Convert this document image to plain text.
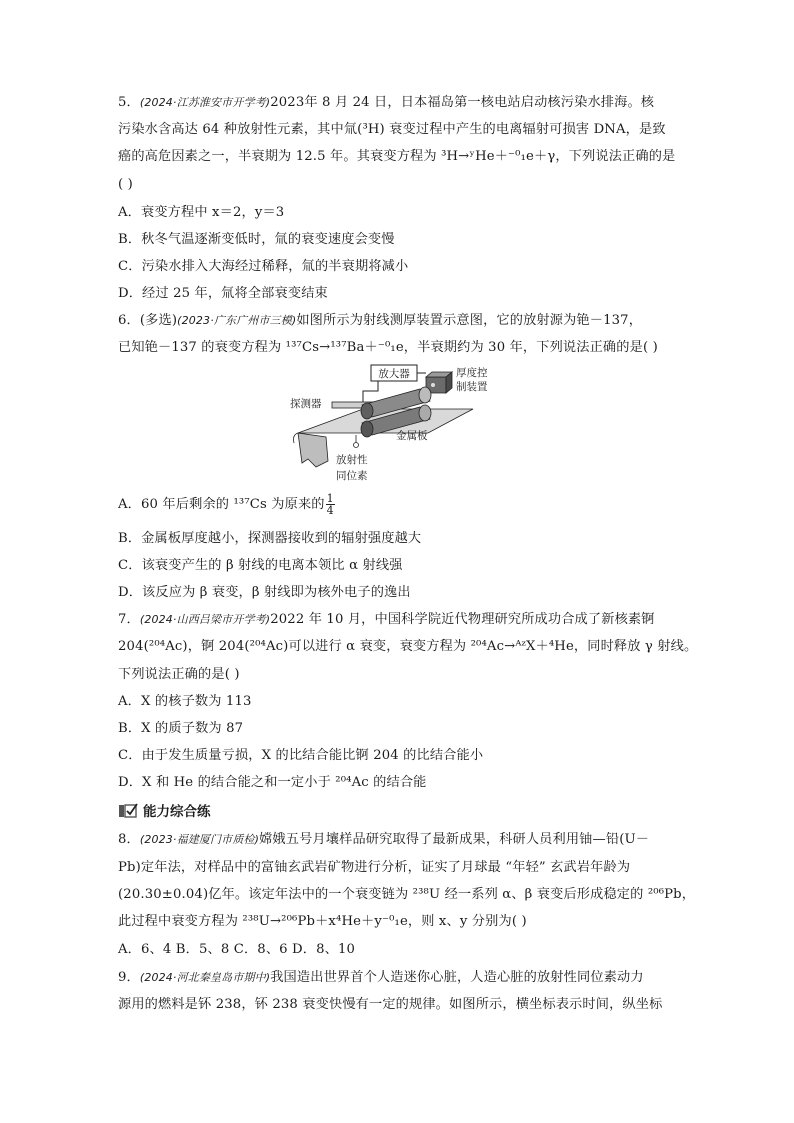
5．(2024·江苏淮安市开学考)2023年 8 月 24 日，日本福岛第一核电站启动核污染水排海。核
污染水含高达 64 种放射性元素，其中氚(³H) 衰变过程中产生的电离辐射可损害 DNA，是致
癌的高危因素之一，半衰期为 12.5 年。其衰变方程为 ³H→ʸHe＋⁻⁰₁e＋γ，下列说法正确的是
( )
A．衰变方程中 x＝2，y＝3
B．秋冬气温逐渐变低时，氚的衰变速度会变慢
C．污染水排入大海经过稀释，氚的半衰期将减小
D．经过 25 年，氚将全部衰变结束
6．(多选)(2023·广东广州市三模)如图所示为射线测厚装置示意图，它的放射源为铯－137，
已知铯－137 的衰变方程为 ¹³⁷Cs→¹³⁷Ba＋⁻⁰₁e，半衰期约为 30 年，下列说法正确的是( )
放大器	厚度控
制装置
探测器
金属板
放射性
同位素
A．60 年后剩余的 ¹³⁷Cs 为原来的 $\frac{1}{4}$
B．金属板厚度越小，探测器接收到的辐射强度越大
C．该衰变产生的 β 射线的电离本领比 α 射线强
D．该反应为 β 衰变，β 射线即为核外电子的逸出
7．(2024·山西吕梁市开学考)2022 年 10 月，中国科学院近代物理研究所成功合成了新核素锕
204(²⁰⁴Ac)，锕 204(²⁰⁴Ac)可以进行 α 衰变，衰变方程为 ²⁰⁴Ac→ᴬᶻX＋⁴He，同时释放 γ 射线。
下列说法正确的是( )
A．X 的核子数为 113
B．X 的质子数为 87
C．由于发生质量亏损，X 的比结合能比锕 204 的比结合能小
D．X 和 He 的结合能之和一定小于 ²⁰⁴Ac 的结合能
能力综合练
8．(2023·福建厦门市质检)嫦娥五号月壤样品研究取得了最新成果，科研人员利用铀—铅(U－
Pb)定年法，对样品中的富铀玄武岩矿物进行分析，证实了月球最 “年轻” 玄武岩年龄为
(20.30±0.04)亿年。该定年法中的一个衰变链为 ²³⁸U 经一系列 α、β 衰变后形成稳定的 ²⁰⁶Pb，
此过程中衰变方程为 ²³⁸U→²⁰⁶Pb＋x⁴He＋y⁻⁰₁e，则 x、y 分别为( )
A．6、4 B．5、8 C．8、6 D．8、10
9．(2024·河北秦皇岛市期中)我国造出世界首个人造迷你心脏，人造心脏的放射性同位素动力
源用的燃料是钚 238，钚 238 衰变快慢有一定的规律。如图所示，横坐标表示时间，纵坐标
